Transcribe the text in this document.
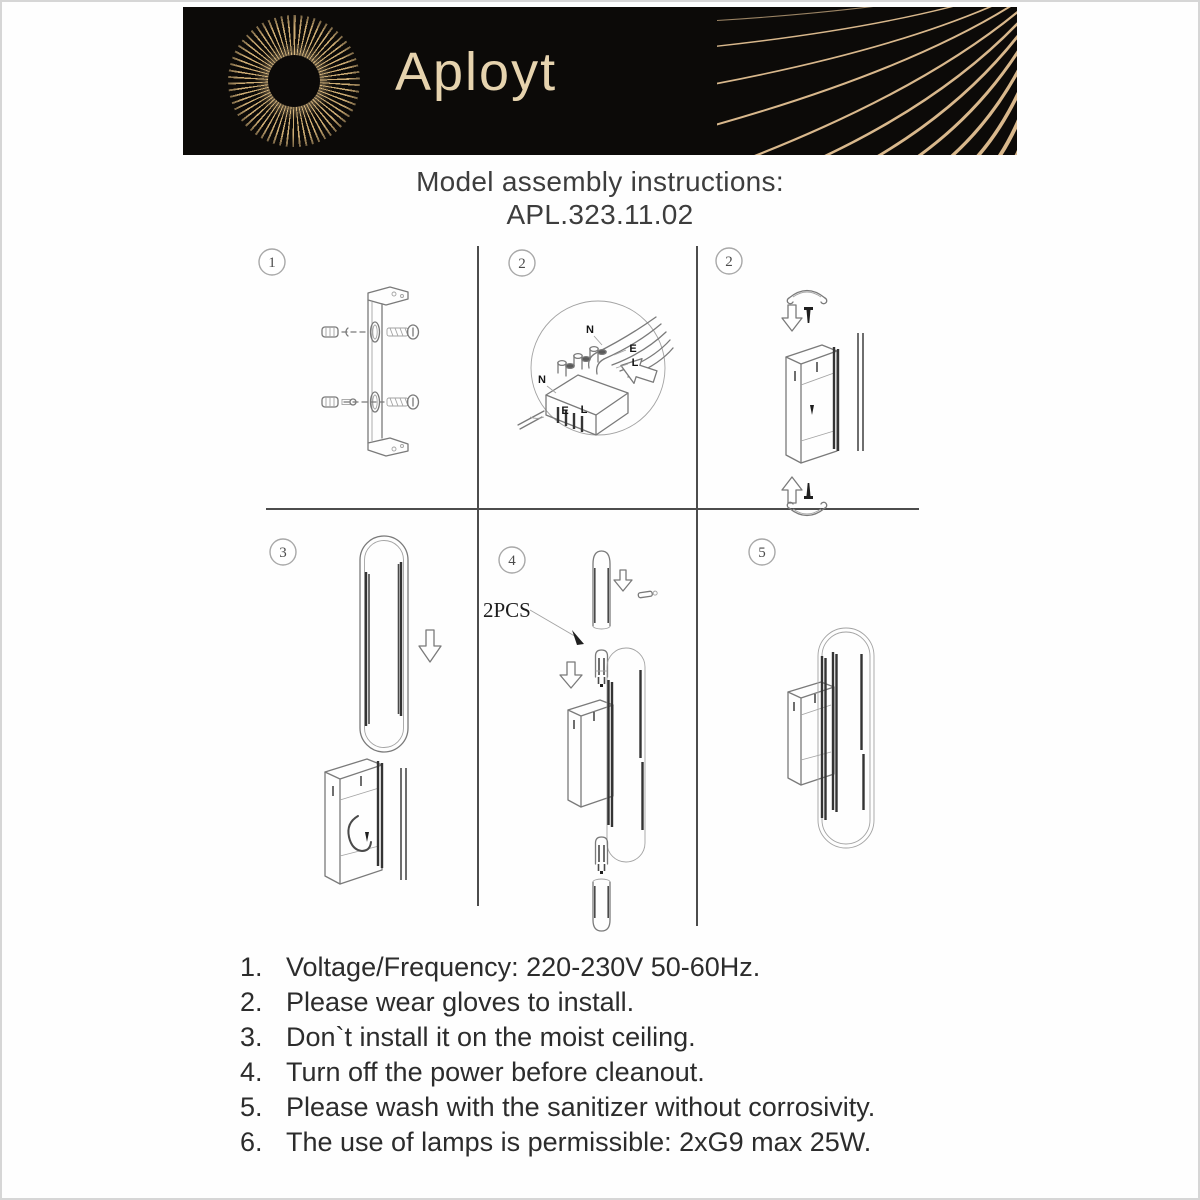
Aployt
Model assembly instructions:
APL.323.11.02
1	2
N
E
L
N
E L
2
3	4
2PCS
5
1. Voltage/Frequency: 220-230V 50-60Hz.
2. Please wear gloves to install.
3. Don`t install it on the moist ceiling.
4. Turn off the power before cleanout.
5. Please wash with the sanitizer without corrosivity.
6. The use of lamps is permissible: 2xG9 max 25W.
